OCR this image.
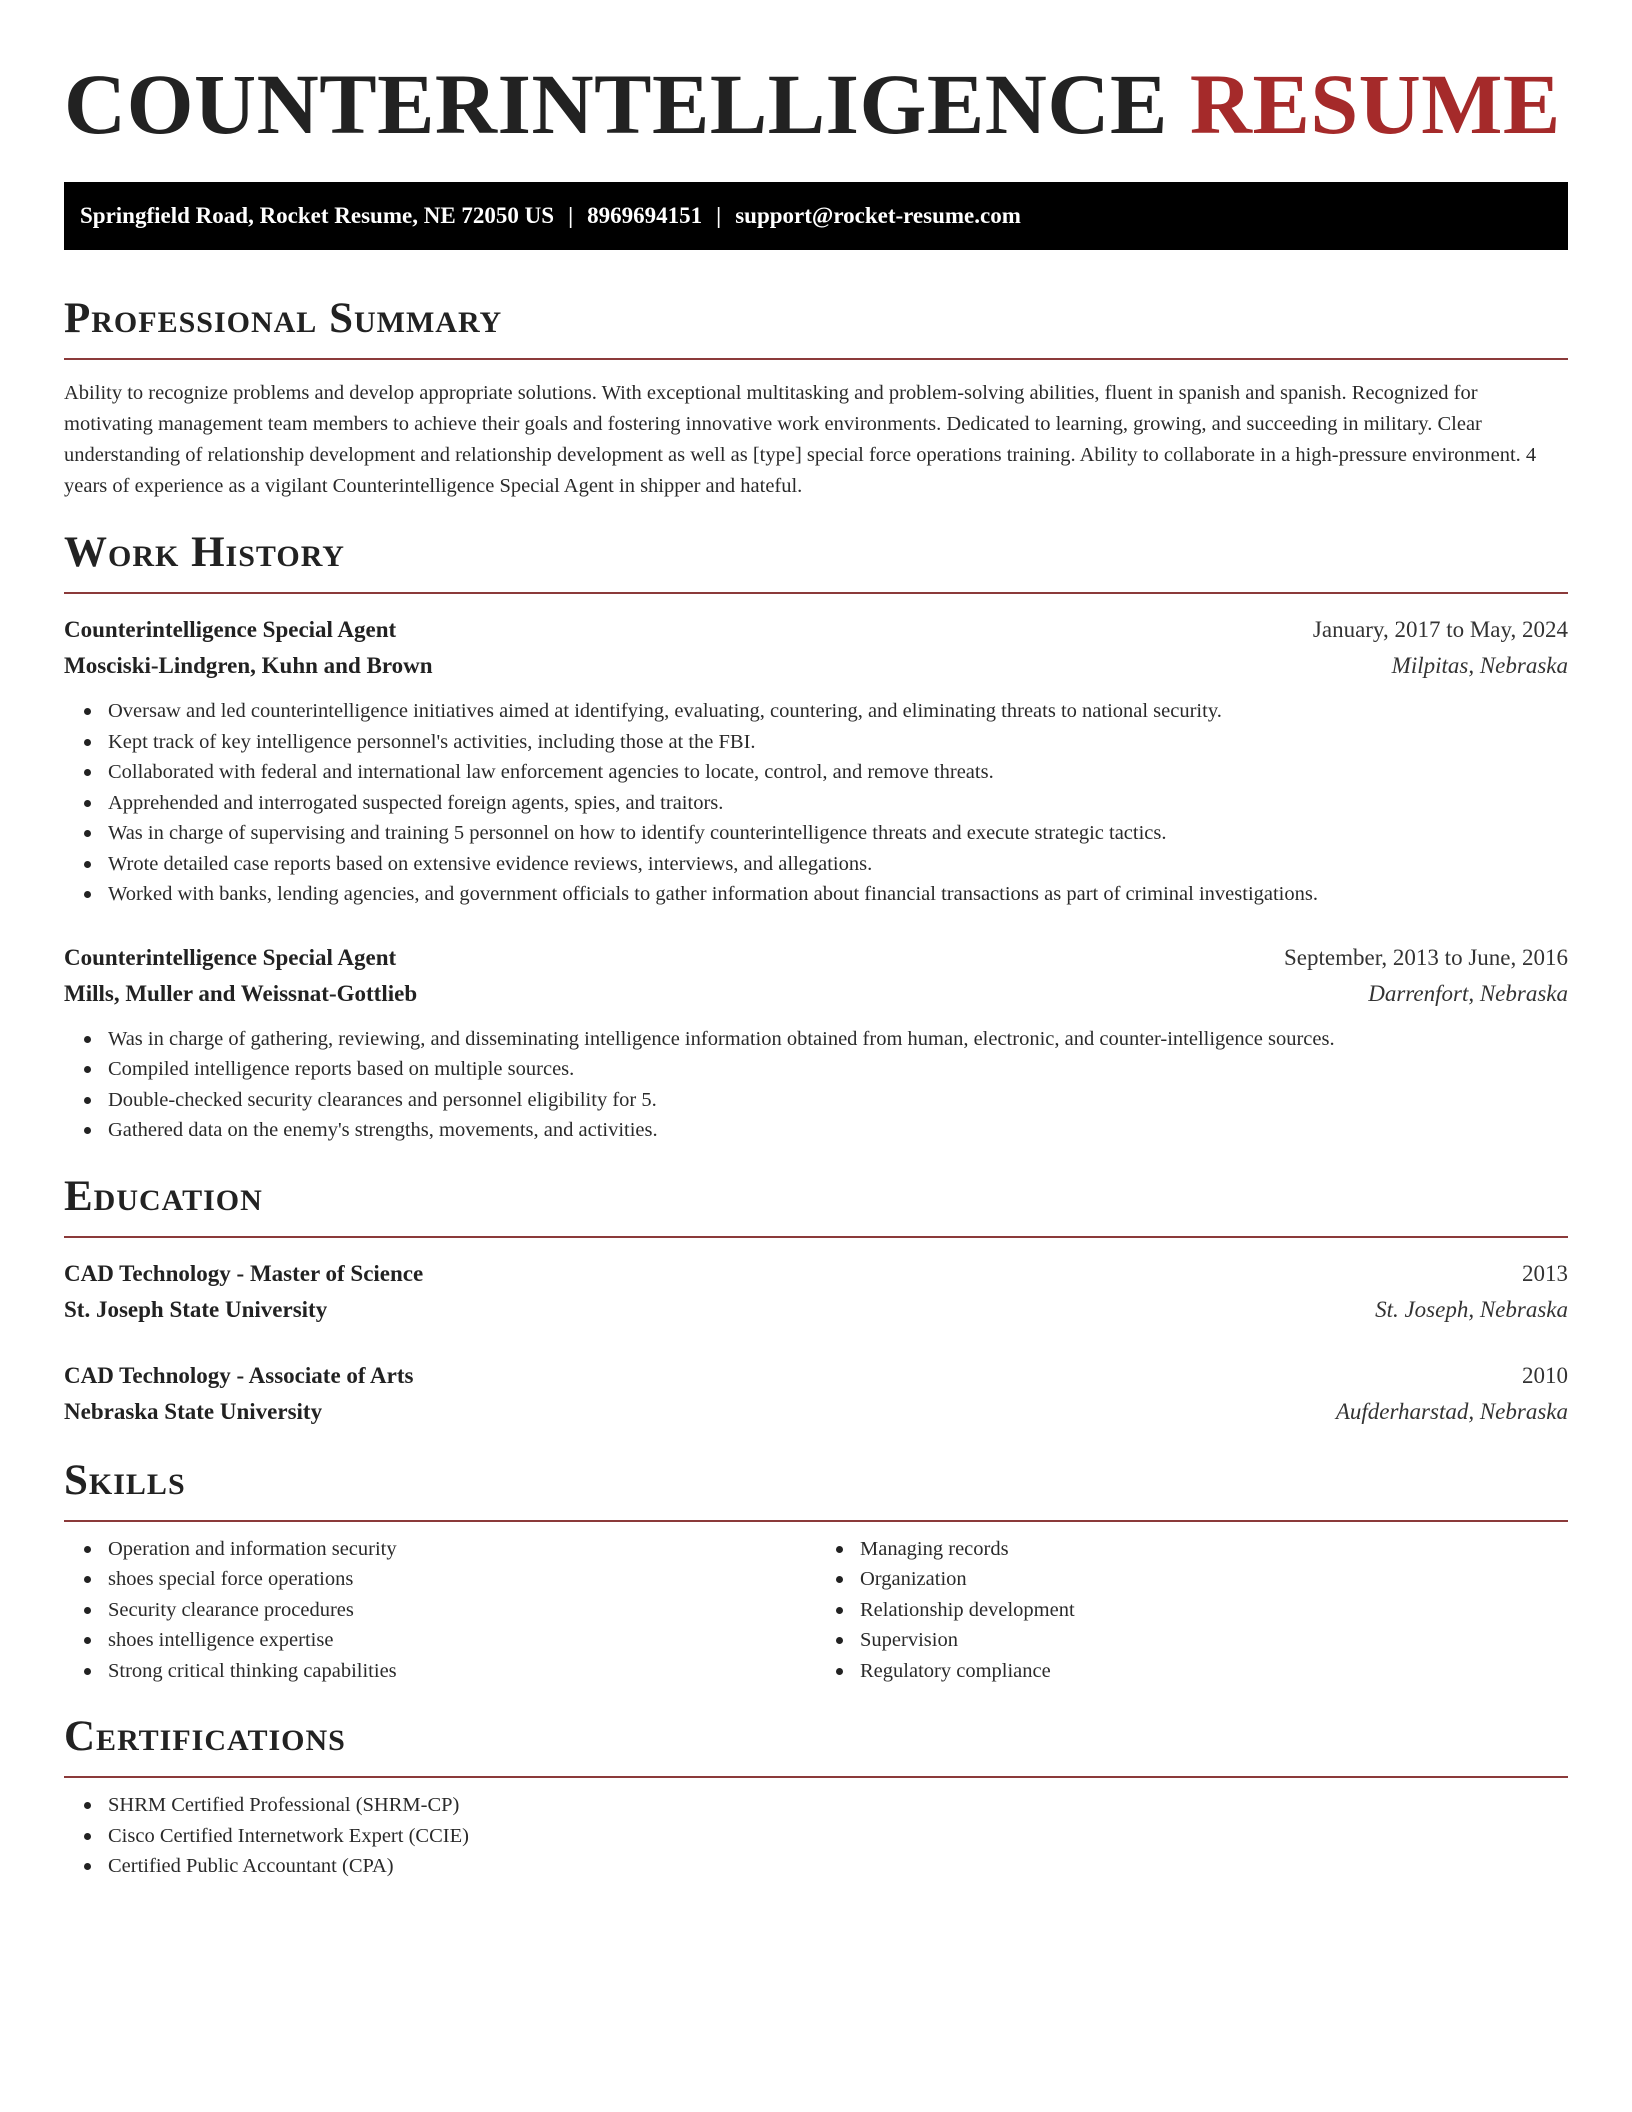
COUNTERINTELLIGENCE RESUME
Springfield Road, Rocket Resume, NE 72050 US | 8969694151 | support@rocket-resume.com
Professional Summary

Ability to recognize problems and develop appropriate solutions. With exceptional multitasking and problem-solving abilities, fluent in spanish and spanish. Recognized for motivating management team members to achieve their goals and fostering innovative work environments. Dedicated to learning, growing, and succeeding in military. Clear understanding of relationship development and relationship development as well as [type] special force operations training. Ability to collaborate in a high-pressure environment. 4 years of experience as a vigilant Counterintelligence Special Agent in shipper and hateful.

Work History
Counterintelligence Special Agent	January, 2017 to May, 2024
Mosciski-Lindgren, Kuhn and Brown	Milpitas, Nebraska
Oversaw and led counterintelligence initiatives aimed at identifying, evaluating, countering, and eliminating threats to national security.
Kept track of key intelligence personnel's activities, including those at the FBI.
Collaborated with federal and international law enforcement agencies to locate, control, and remove threats.
Apprehended and interrogated suspected foreign agents, spies, and traitors.
Was in charge of supervising and training 5 personnel on how to identify counterintelligence threats and execute strategic tactics.
Wrote detailed case reports based on extensive evidence reviews, interviews, and allegations.
Worked with banks, lending agencies, and government officials to gather information about financial transactions as part of criminal investigations.
Counterintelligence Special Agent	September, 2013 to June, 2016
Mills, Muller and Weissnat-Gottlieb	Darrenfort, Nebraska
Was in charge of gathering, reviewing, and disseminating intelligence information obtained from human, electronic, and counter-intelligence sources.
Compiled intelligence reports based on multiple sources.
Double-checked security clearances and personnel eligibility for 5.
Gathered data on the enemy's strengths, movements, and activities.
Education
CAD Technology - Master of Science	2013
St. Joseph State University	St. Joseph, Nebraska
CAD Technology - Associate of Arts	2010
Nebraska State University	Aufderharstad, Nebraska
Skills
Operation and information security
shoes special force operations
Security clearance procedures
shoes intelligence expertise
Strong critical thinking capabilities
Managing records
Organization
Relationship development
Supervision
Regulatory compliance
Certifications
SHRM Certified Professional (SHRM-CP)
Cisco Certified Internetwork Expert (CCIE)
Certified Public Accountant (CPA)
